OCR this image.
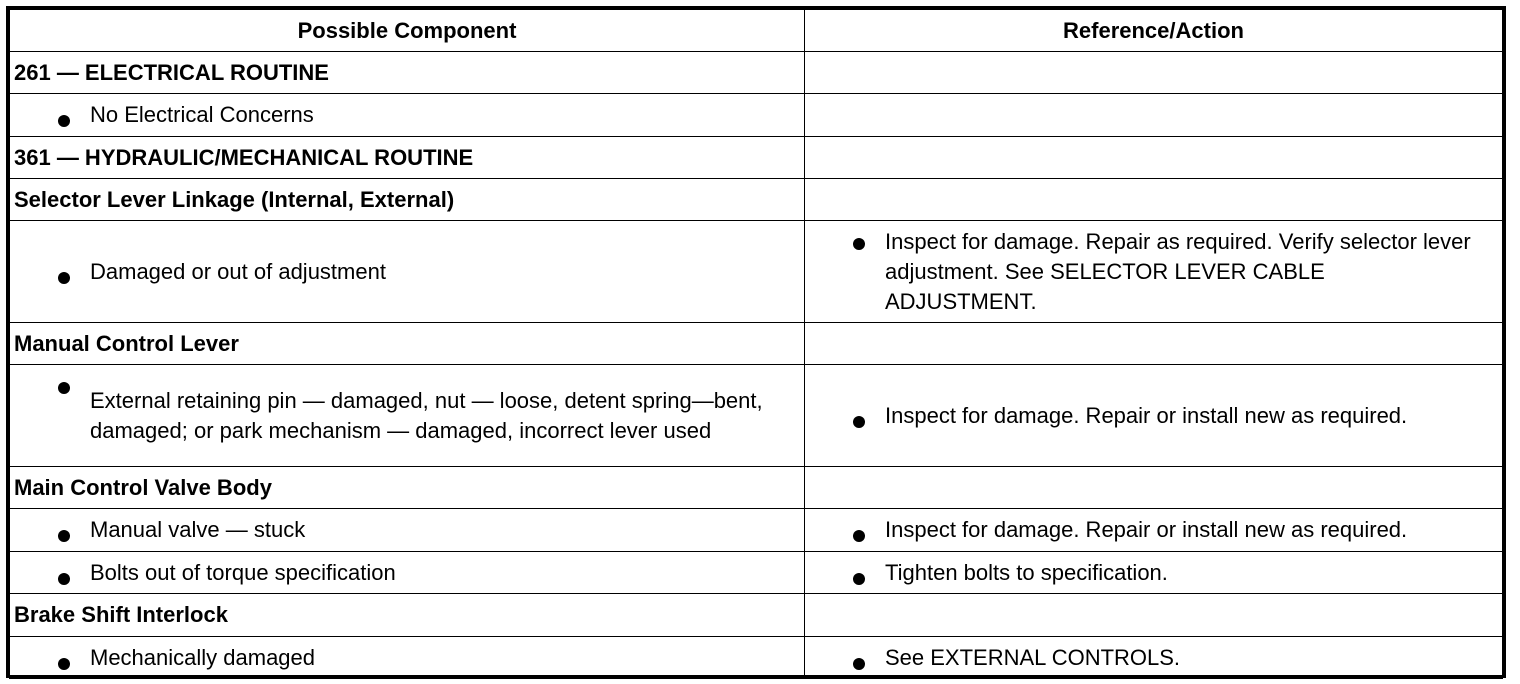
Possible Component	Reference/Action
261 — ELECTRICAL ROUTINE	

No Electrical Concerns	
361 — HYDRAULIC/MECHANICAL ROUTINE	
Selector Lever Linkage (Internal, External)	

Damaged or out of adjustment	Inspect for damage. Repair as required. Verify selector lever adjustment. See SELECTOR LEVER CABLE ADJUSTMENT.
Manual Control Lever	

External retaining pin — damaged, nut — loose, detent spring—bent, damaged; or park mechanism — damaged, incorrect lever used	Inspect for damage. Repair or install new as required.
Main Control Valve Body	

Manual valve — stuck	Inspect for damage. Repair or install new as required.

Bolts out of torque specification	Tighten bolts to specification.
Brake Shift Interlock	

Mechanically damaged	See EXTERNAL CONTROLS.
